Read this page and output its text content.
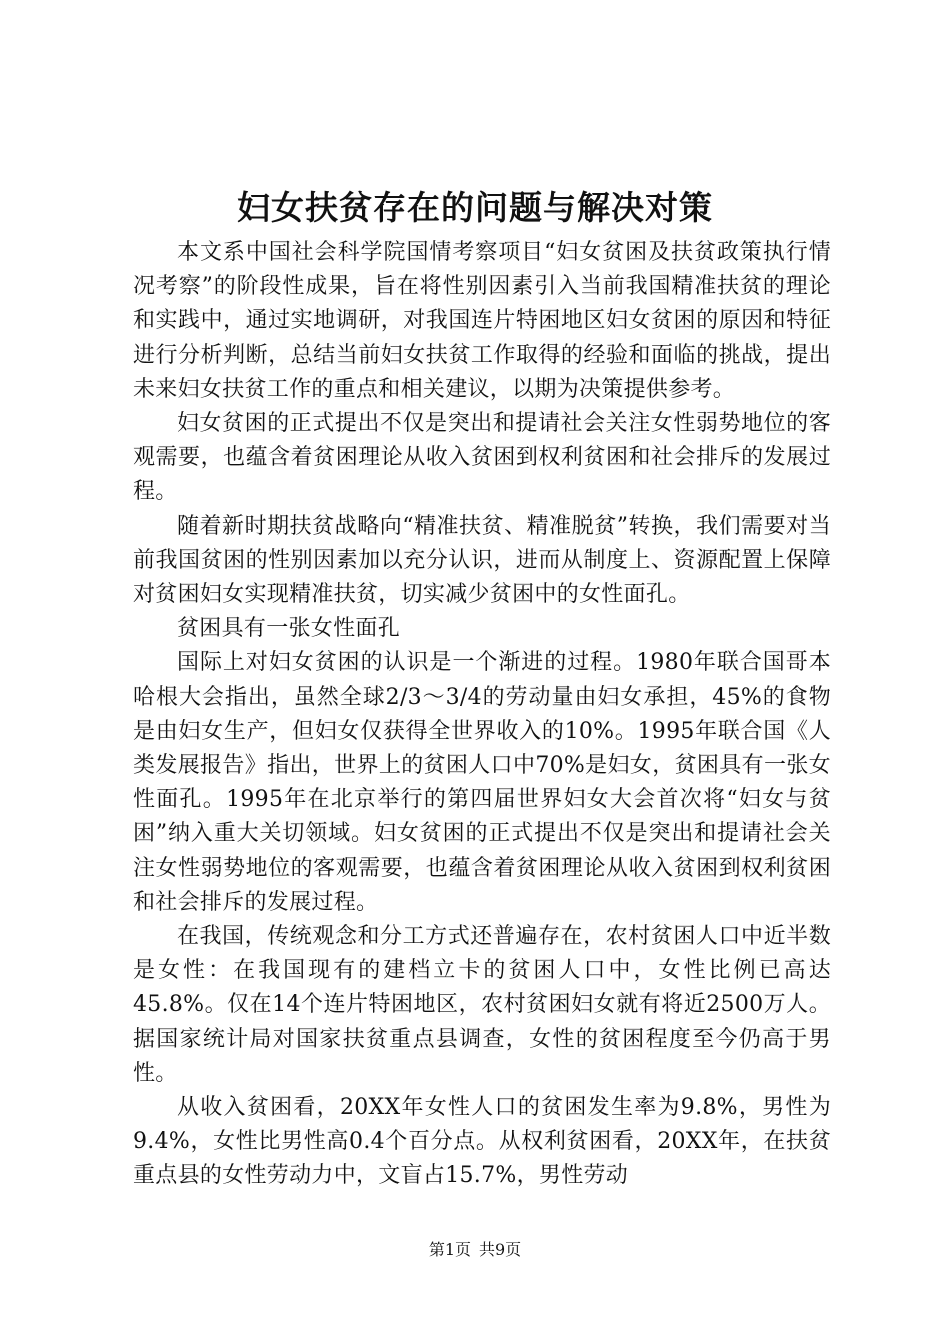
妇女扶贫存在的问题与解决对策

本文系中国社会科学院国情考察项目“妇女贫困及扶贫政策执行情况考察”的阶段性成果，旨在将性别因素引入当前我国精准扶贫的理论和实践中，通过实地调研，对我国连片特困地区妇女贫困的原因和特征进行分析判断，总结当前妇女扶贫工作取得的经验和面临的挑战，提出未来妇女扶贫工作的重点和相关建议，以期为决策提供参考。

妇女贫困的正式提出不仅是突出和提请社会关注女性弱势地位的客观需要，也蕴含着贫困理论从收入贫困到权利贫困和社会排斥的发展过程。

随着新时期扶贫战略向“精准扶贫、精准脱贫”转换，我们需要对当前我国贫困的性别因素加以充分认识，进而从制度上、资源配置上保障对贫困妇女实现精准扶贫，切实减少贫困中的女性面孔。

贫困具有一张女性面孔

国际上对妇女贫困的认识是一个渐进的过程。1980年联合国哥本哈根大会指出，虽然全球2/3～3/4的劳动量由妇女承担，45%的食物是由妇女生产，但妇女仅获得全世界收入的10%。1995年联合国《人类发展报告》指出，世界上的贫困人口中70%是妇女，贫困具有一张女性面孔。1995年在北京举行的第四届世界妇女大会首次将“妇女与贫困”纳入重大关切领域。妇女贫困的正式提出不仅是突出和提请社会关注女性弱势地位的客观需要，也蕴含着贫困理论从收入贫困到权利贫困和社会排斥的发展过程。

在我国，传统观念和分工方式还普遍存在，农村贫困人口中近半数是女性：在我国现有的建档立卡的贫困人口中，女性比例已高达45.8%。仅在14个连片特困地区，农村贫困妇女就有将近2500万人。据国家统计局对国家扶贫重点县调查，女性的贫困程度至今仍高于男性。

从收入贫困看，20XX年女性人口的贫困发生率为9.8%，男性为9.4%，女性比男性高0.4个百分点。从权利贫困看，20XX年，在扶贫重点县的女性劳动力中，文盲占15.7%，男性劳动

第1页 共9页
